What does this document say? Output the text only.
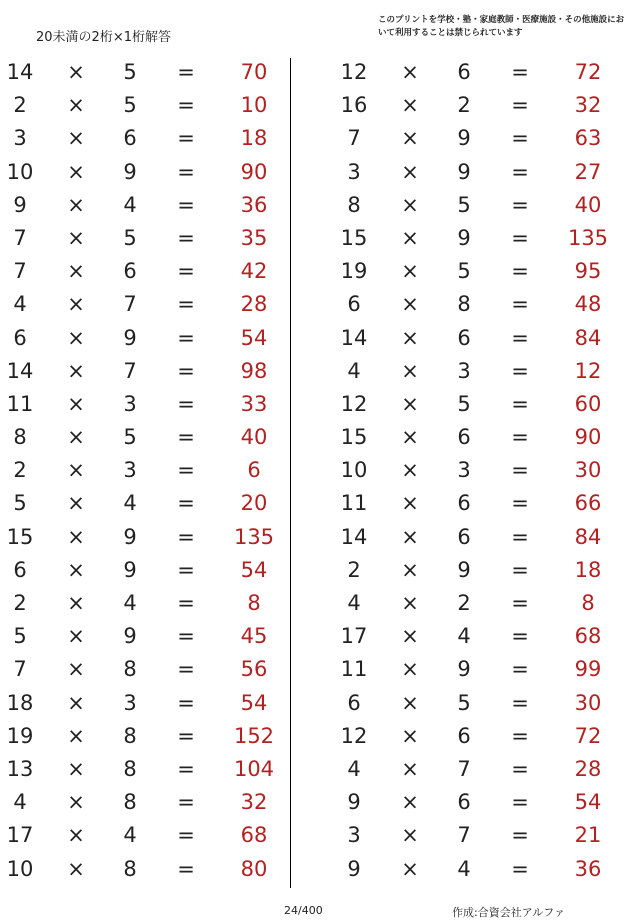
20未満の2桁×1桁解答
このプリントを学校・塾・家庭教師・医療施設・その他施設において利用することは禁じられています
14 × 5 =	70
2	× 5 =	10
3	× 6 =	18
10 × 9 =	90
9	× 4 =	36
7	× 5 =	35
7	× 6 =	42
4	× 7 =	28
6	× 9 =	54
14 × 7 =	98
11 × 3 =	33
8	× 5 =	40
2	× 3 =	6
5	× 4 =	20
15 × 9 =	135
6	× 9 =	54
2	× 4 =	8
5	× 9 =	45
7	× 8 =	56
18 × 3 =	54
19 × 8 =	152
13 × 8 =	104
4	× 8 =	32
17 × 4 =	68
10 × 8 =	80
12 × 6 =	72
16 × 2 =	32
7	× 9 =	63
3	× 9 =	27
8	× 5 =	40
15 × 9 =	135
19 × 5 =	95
6	× 8 =	48
14 × 6 =	84
4	× 3 =	12
12 × 5 =	60
15 × 6 =	90
10 × 3 =	30
11 × 6 =	66
14 × 6 =	84
2	× 9 =	18
4	× 2 =	8
17 × 4 =	68
11 × 9 =	99
6	× 5 =	30
12 × 6 =	72
4	× 7 =	28
9	× 6 =	54
3	× 7 =	21
9	× 4 =	36
24/400	作成:合資会社アルファ
